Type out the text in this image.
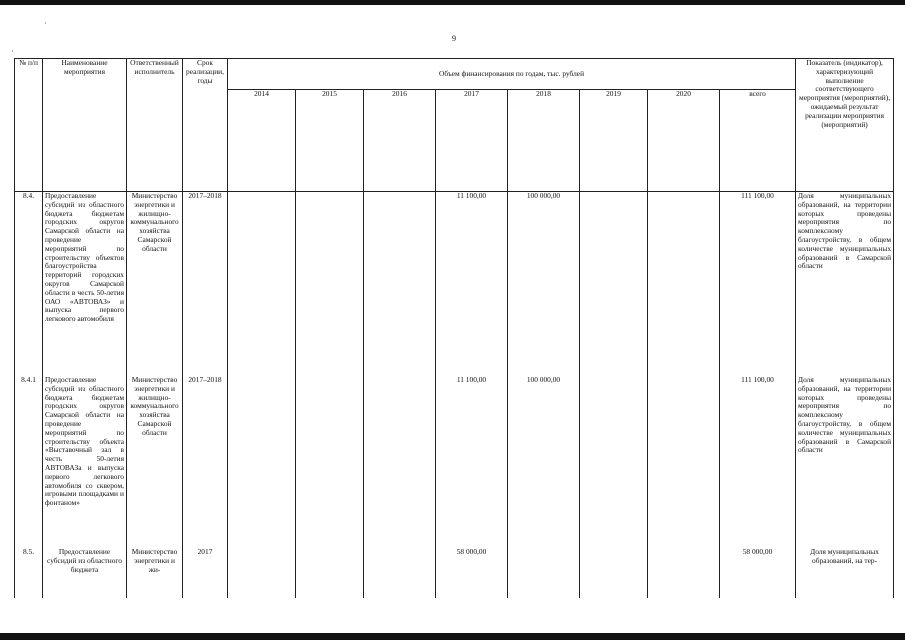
·
·
9
№ п/п	Наименование мероприятия	Ответственный исполнитель	Срок реализации, годы	Объем финансирования по годам, тыс. рублей								Показатель (индикатор), характеризующий выполнение соответствующего мероприятия (мероприятий), ожидаемый результат реализации мероприятия (мероприятий)
				2014	2015	2016	2017	2018	2019	2020	всего	
8.4.	Предоставление субсидий из областного бюджета бюджетам городских округов Самарской области на проведение мероприятий по строительству объектов благоустройства территорий городских округов Самарской области в честь 50-летия ОАО «АВТОВАЗ» и выпуска первого легкового автомобиля	Министерство энергетики и жилищно-коммунального хозяйства Самарской области	2017–2018				11 100,00	100 000,00			111 100,00	Доля муниципальных образований, на территории которых проведены мероприятия по комплексному благоустройству, в общем количестве муниципальных образований в Самарской области
8.4.1	Предоставление субсидий из областного бюджета бюджетам городских округов Самарской области на проведение мероприятий по строительству объекта «Выставочный зал в честь 50-летия АВТОВАЗа и выпуска первого легкового автомобиля со сквером, игровыми площадками и фонтаном»	Министерство энергетики и жилищно-коммунального хозяйства Самарской области	2017–2018				11 100,00	100 000,00			111 100,00	Доля муниципальных образований, на территории которых проведены мероприятия по комплексному благоустройству, в общем количестве муниципальных образований в Самарской области
8.5.	Предоставление субсидий из областного бюджета	Министерство энергетики и жи-	2017				58 000,00				58 000,00	Доля муниципальных образований, на тер-
